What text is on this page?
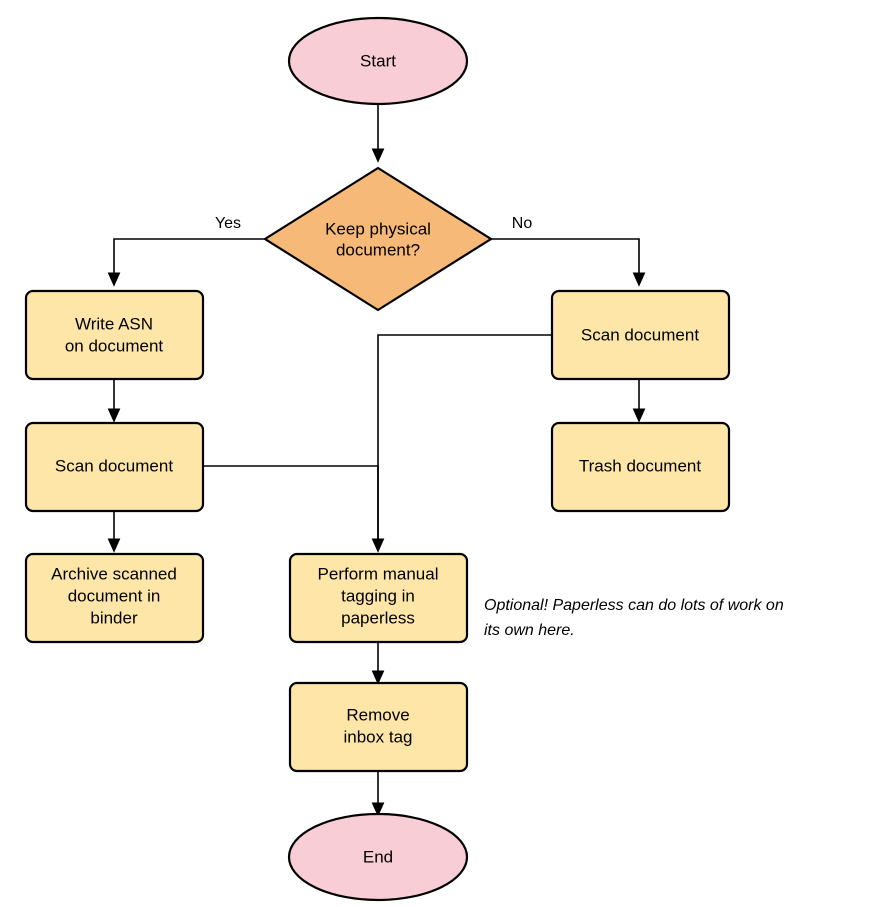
Yes	No
Start
Keep physical
document?
Write ASN
on document
Scan document
Archive scanned
document in
binder
Scan document
Trash document
Perform manual
tagging in
paperless
Remove
inbox tag
End
Optional! Paperless can do lots of work on
its own here.
